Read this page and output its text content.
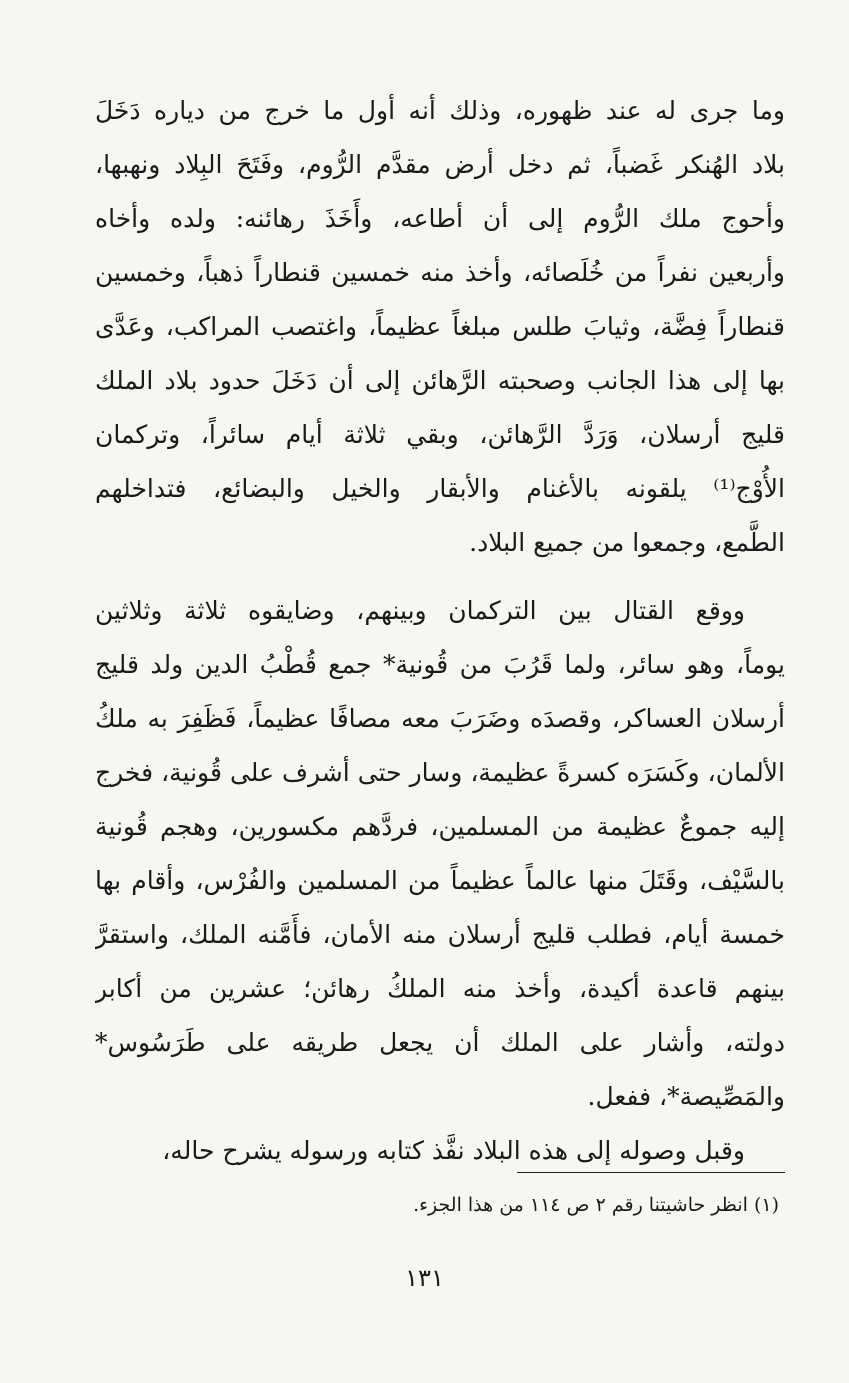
وما جرى له عند ظهوره، وذلك أنه أول ما خرج من دياره دَخَلَ
بلاد الهُنكر غَضباً، ثم دخل أرض مقدَّم الرُّوم، وفَتَحَ البِلاد ونهبها،
وأحوج ملك الرُّوم إلى أن أطاعه، وأَخَذَ رهائنه: ولده وأخاه
وأربعين نفراً من خُلَصائه، وأخذ منه خمسين قنطاراً ذهباً، وخمسين
قنطاراً فِضَّة، وثيابَ طلس مبلغاً عظيماً، واغتصب المراكب، وعَدَّى
بها إلى هذا الجانب وصحبته الرَّهائن إلى أن دَخَلَ حدود بلاد الملك
قليج أرسلان، وَرَدَّ الرَّهائن، وبقي ثلاثة أيام سائراً، وتركمان
الأُوْج⁽¹⁾ يلقونه بالأغنام والأبقار والخيل والبضائع، فتداخلهم
الطَّمع، وجمعوا من جميع البلاد.
ووقع القتال بين التركمان وبينهم، وضايقوه ثلاثة وثلاثين
يوماً، وهو سائر، ولما قَرُبَ من قُونية* جمع قُطْبُ الدين ولد قليج
أرسلان العساكر، وقصدَه وضَرَبَ معه مصافًا عظيماً، فَظَفِرَ به ملكُ
الألمان، وكَسَرَه كسرةً عظيمة، وسار حتى أشرف على قُونية، فخرج
إليه جموعٌ عظيمة من المسلمين، فردَّهم مكسورين، وهجم قُونية
بالسَّيْف، وقَتَلَ منها عالماً عظيماً من المسلمين والفُرْس، وأقام بها
خمسة أيام، فطلب قليج أرسلان منه الأمان، فأَمَّنه الملك، واستقرَّ
بينهم قاعدة أكيدة، وأخذ منه الملكُ رهائن؛ عشرين من أكابر
دولته، وأشار على الملك أن يجعل طريقه على طَرَسُوس*
والمَصِّيصة*، ففعل.
وقبل وصوله إلى هذه البلاد نفَّذ كتابه ورسوله يشرح حاله،
(١) انظر حاشيتنا رقم ٢ ص ١١٤ من هذا الجزء.
١٣١
